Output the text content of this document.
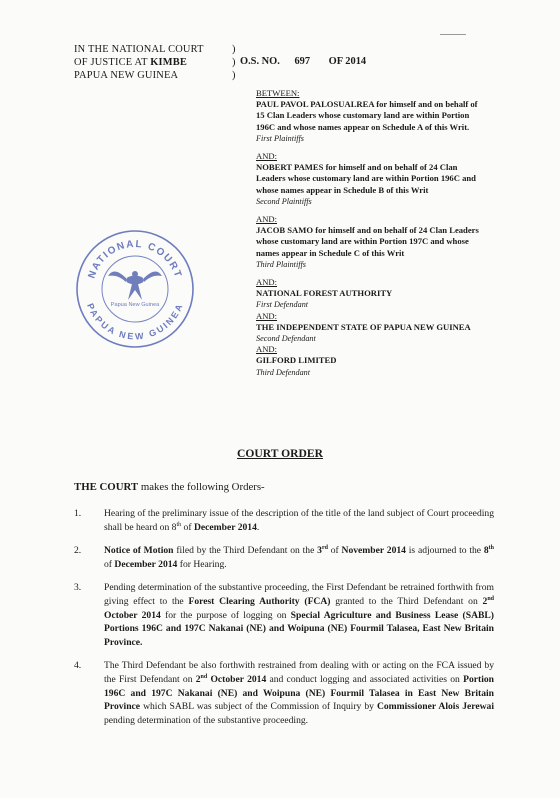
IN THE NATIONAL COURT
OF JUSTICE AT KIMBE
PAPUA NEW GUINEA
)
)
)
O.S. NO. 697 OF 2014
BETWEEN:
PAUL PAVOL PALOSUALREA for himself and on behalf of 15 Clan Leaders whose customary land are within Portion 196C and whose names appear on Schedule A of this Writ.
First Plaintiffs
AND:
NOBERT PAMES for himself and on behalf of 24 Clan Leaders whose customary land are within Portion 196C and whose names appear in Schedule B of this Writ
Second Plaintiffs
AND:
JACOB SAMO for himself and on behalf of 24 Clan Leaders whose customary land are within Portion 197C and whose names appear in Schedule C of this Writ
Third Plaintiffs
AND:
NATIONAL FOREST AUTHORITY
First Defendant
AND:
THE INDEPENDENT STATE OF PAPUA NEW GUINEA
Second Defendant
AND:
GILFORD LIMITED
Third Defendant
NATIONAL COURT
PAPUA NEW GUINEA
Papua New Guinea
COURT ORDER
THE COURT makes the following Orders-
1. Hearing of the preliminary issue of the description of the title of the land subject of Court proceeding shall be heard on 8th of December 2014.
2. Notice of Motion filed by the Third Defendant on the 3rd of November 2014 is adjourned to the 8th of December 2014 for Hearing.
3. Pending determination of the substantive proceeding, the First Defendant be retrained forthwith from giving effect to the Forest Clearing Authority (FCA) granted to the Third Defendant on 2nd October 2014 for the purpose of logging on Special Agriculture and Business Lease (SABL) Portions 196C and 197C Nakanai (NE) and Woipuna (NE) Fourmil Talasea, East New Britain Province.
4. The Third Defendant be also forthwith restrained from dealing with or acting on the FCA issued by the First Defendant on 2nd October 2014 and conduct logging and associated activities on Portion 196C and 197C Nakanai (NE) and Woipuna (NE) Fourmil Talasea in East New Britain Province which SABL was subject of the Commission of Inquiry by Commissioner Alois Jerewai pending determination of the substantive proceeding.
